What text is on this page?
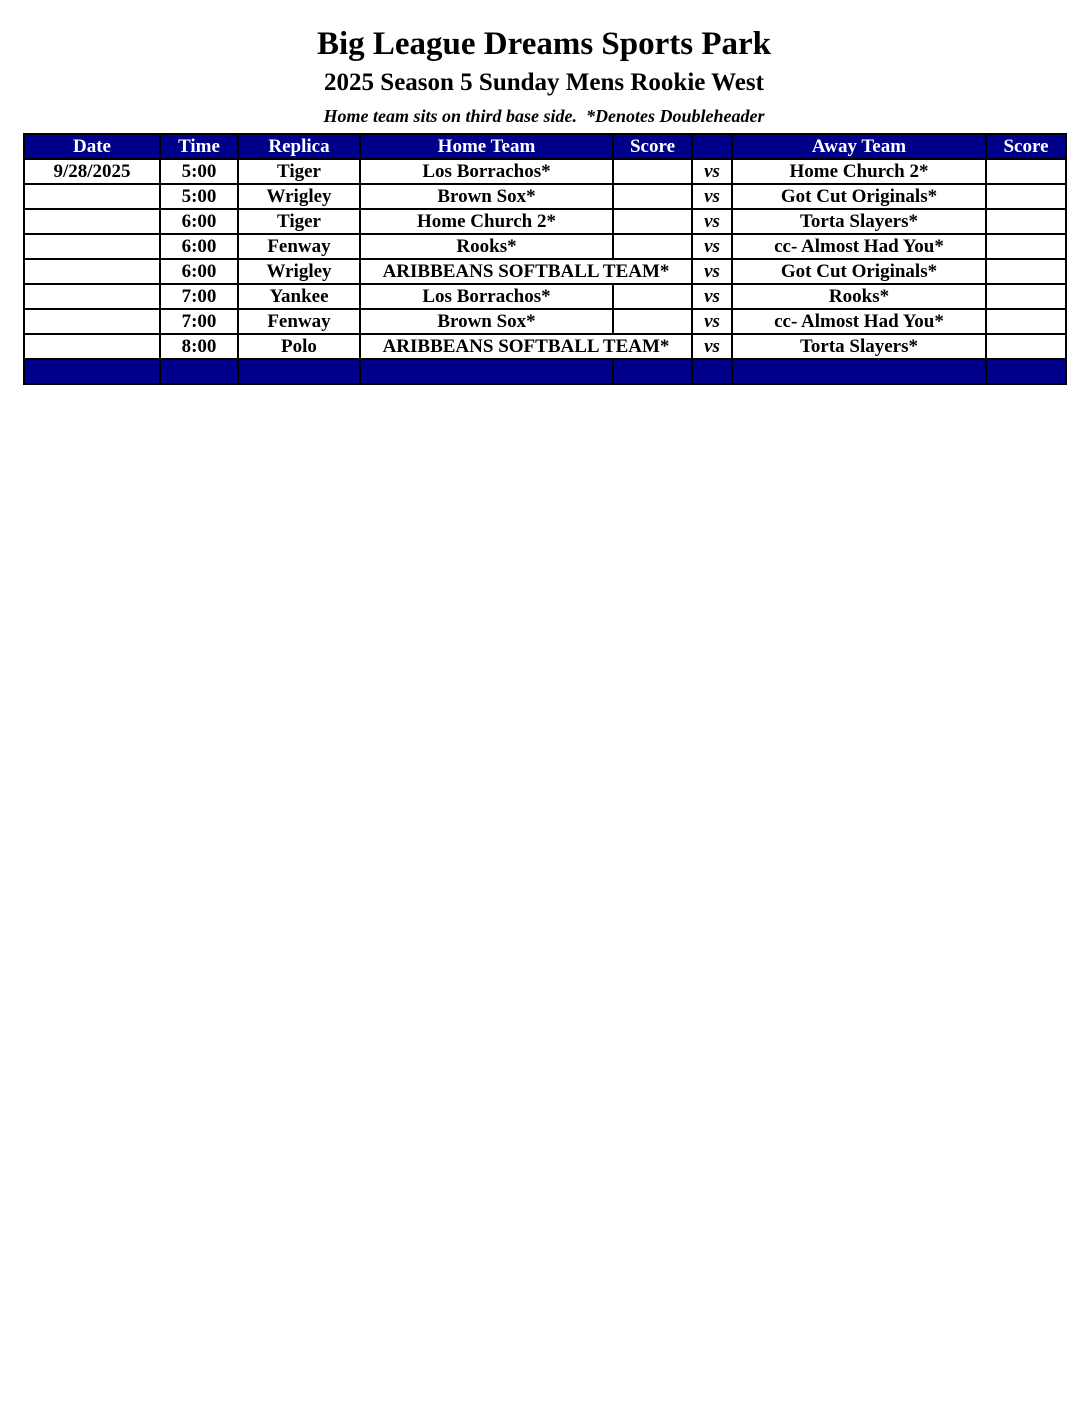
Big League Dreams Sports Park
2025 Season 5 Sunday Mens Rookie West
Home team sits on third base side.  *Denotes Doubleheader
Date	Time	Replica	Home Team	Score		Away Team	Score
9/28/2025	5:00	Tiger	Los Borrachos*		vs	Home Church 2*	
	5:00	Wrigley	Brown Sox*		vs	Got Cut Originals*	
	6:00	Tiger	Home Church 2*		vs	Torta Slayers*	
	6:00	Fenway	Rooks*		vs	cc- Almost Had You*	
	6:00	Wrigley	ARIBBEANS SOFTBALL TEAM*		vs	Got Cut Originals*	
	7:00	Yankee	Los Borrachos*		vs	Rooks*	
	7:00	Fenway	Brown Sox*		vs	cc- Almost Had You*	
	8:00	Polo	ARIBBEANS SOFTBALL TEAM*		vs	Torta Slayers*	
